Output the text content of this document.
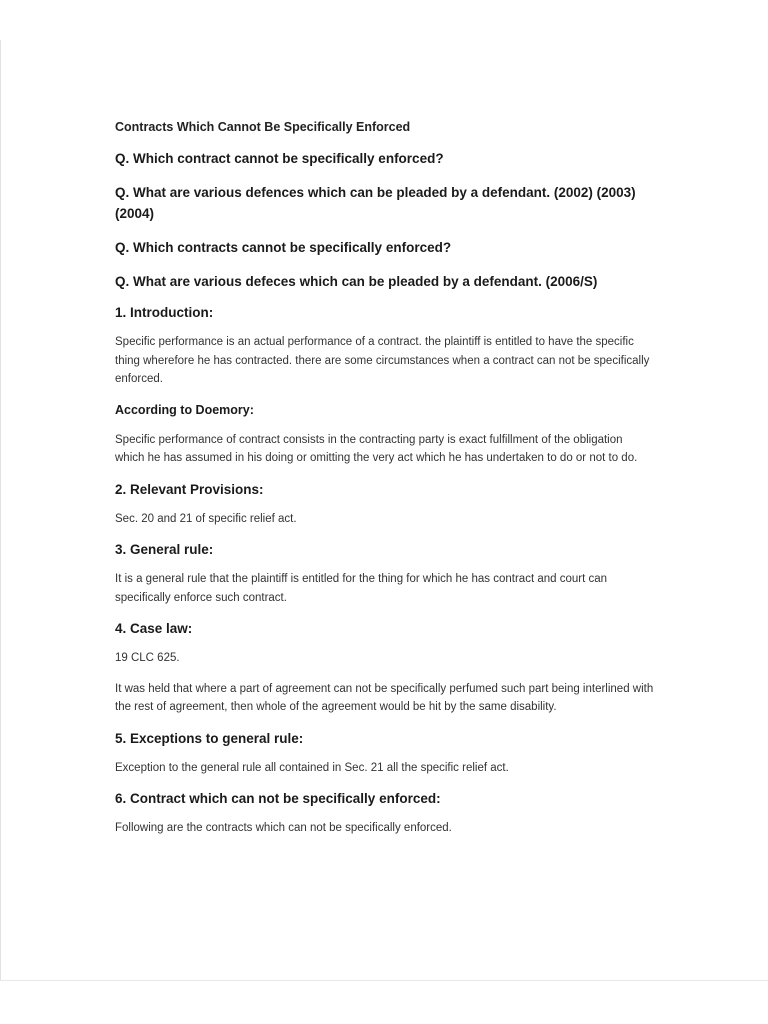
Contracts Which Cannot Be Specifically Enforced
Q. Which contract cannot be specifically enforced?
Q. What are various defences which can be pleaded by a defendant. (2002) (2003) (2004)
Q. Which contracts cannot be specifically enforced?
Q. What are various defeces which can be pleaded by a defendant. (2006/S)
1. Introduction:
Specific performance is an actual performance of a contract. the plaintiff is entitled to have the specific thing wherefore he has contracted. there are some circumstances when a contract can not be specifically enforced.
According to Doemory:
Specific performance of contract consists in the contracting party is exact fulfillment of the obligation which he has assumed in his doing or omitting the very act which he has undertaken to do or not to do.
2. Relevant Provisions:
Sec. 20 and 21 of specific relief act.
3. General rule:
It is a general rule that the plaintiff is entitled for the thing for which he has contract and court can specifically enforce such contract.
4. Case law:
19 CLC 625.
It was held that where a part of agreement can not be specifically perfumed such part being interlined with the rest of agreement, then whole of the agreement would be hit by the same disability.
5. Exceptions to general rule:
Exception to the general rule all contained in Sec. 21 all the specific relief act.
6. Contract which can not be specifically enforced:
Following are the contracts which can not be specifically enforced.
